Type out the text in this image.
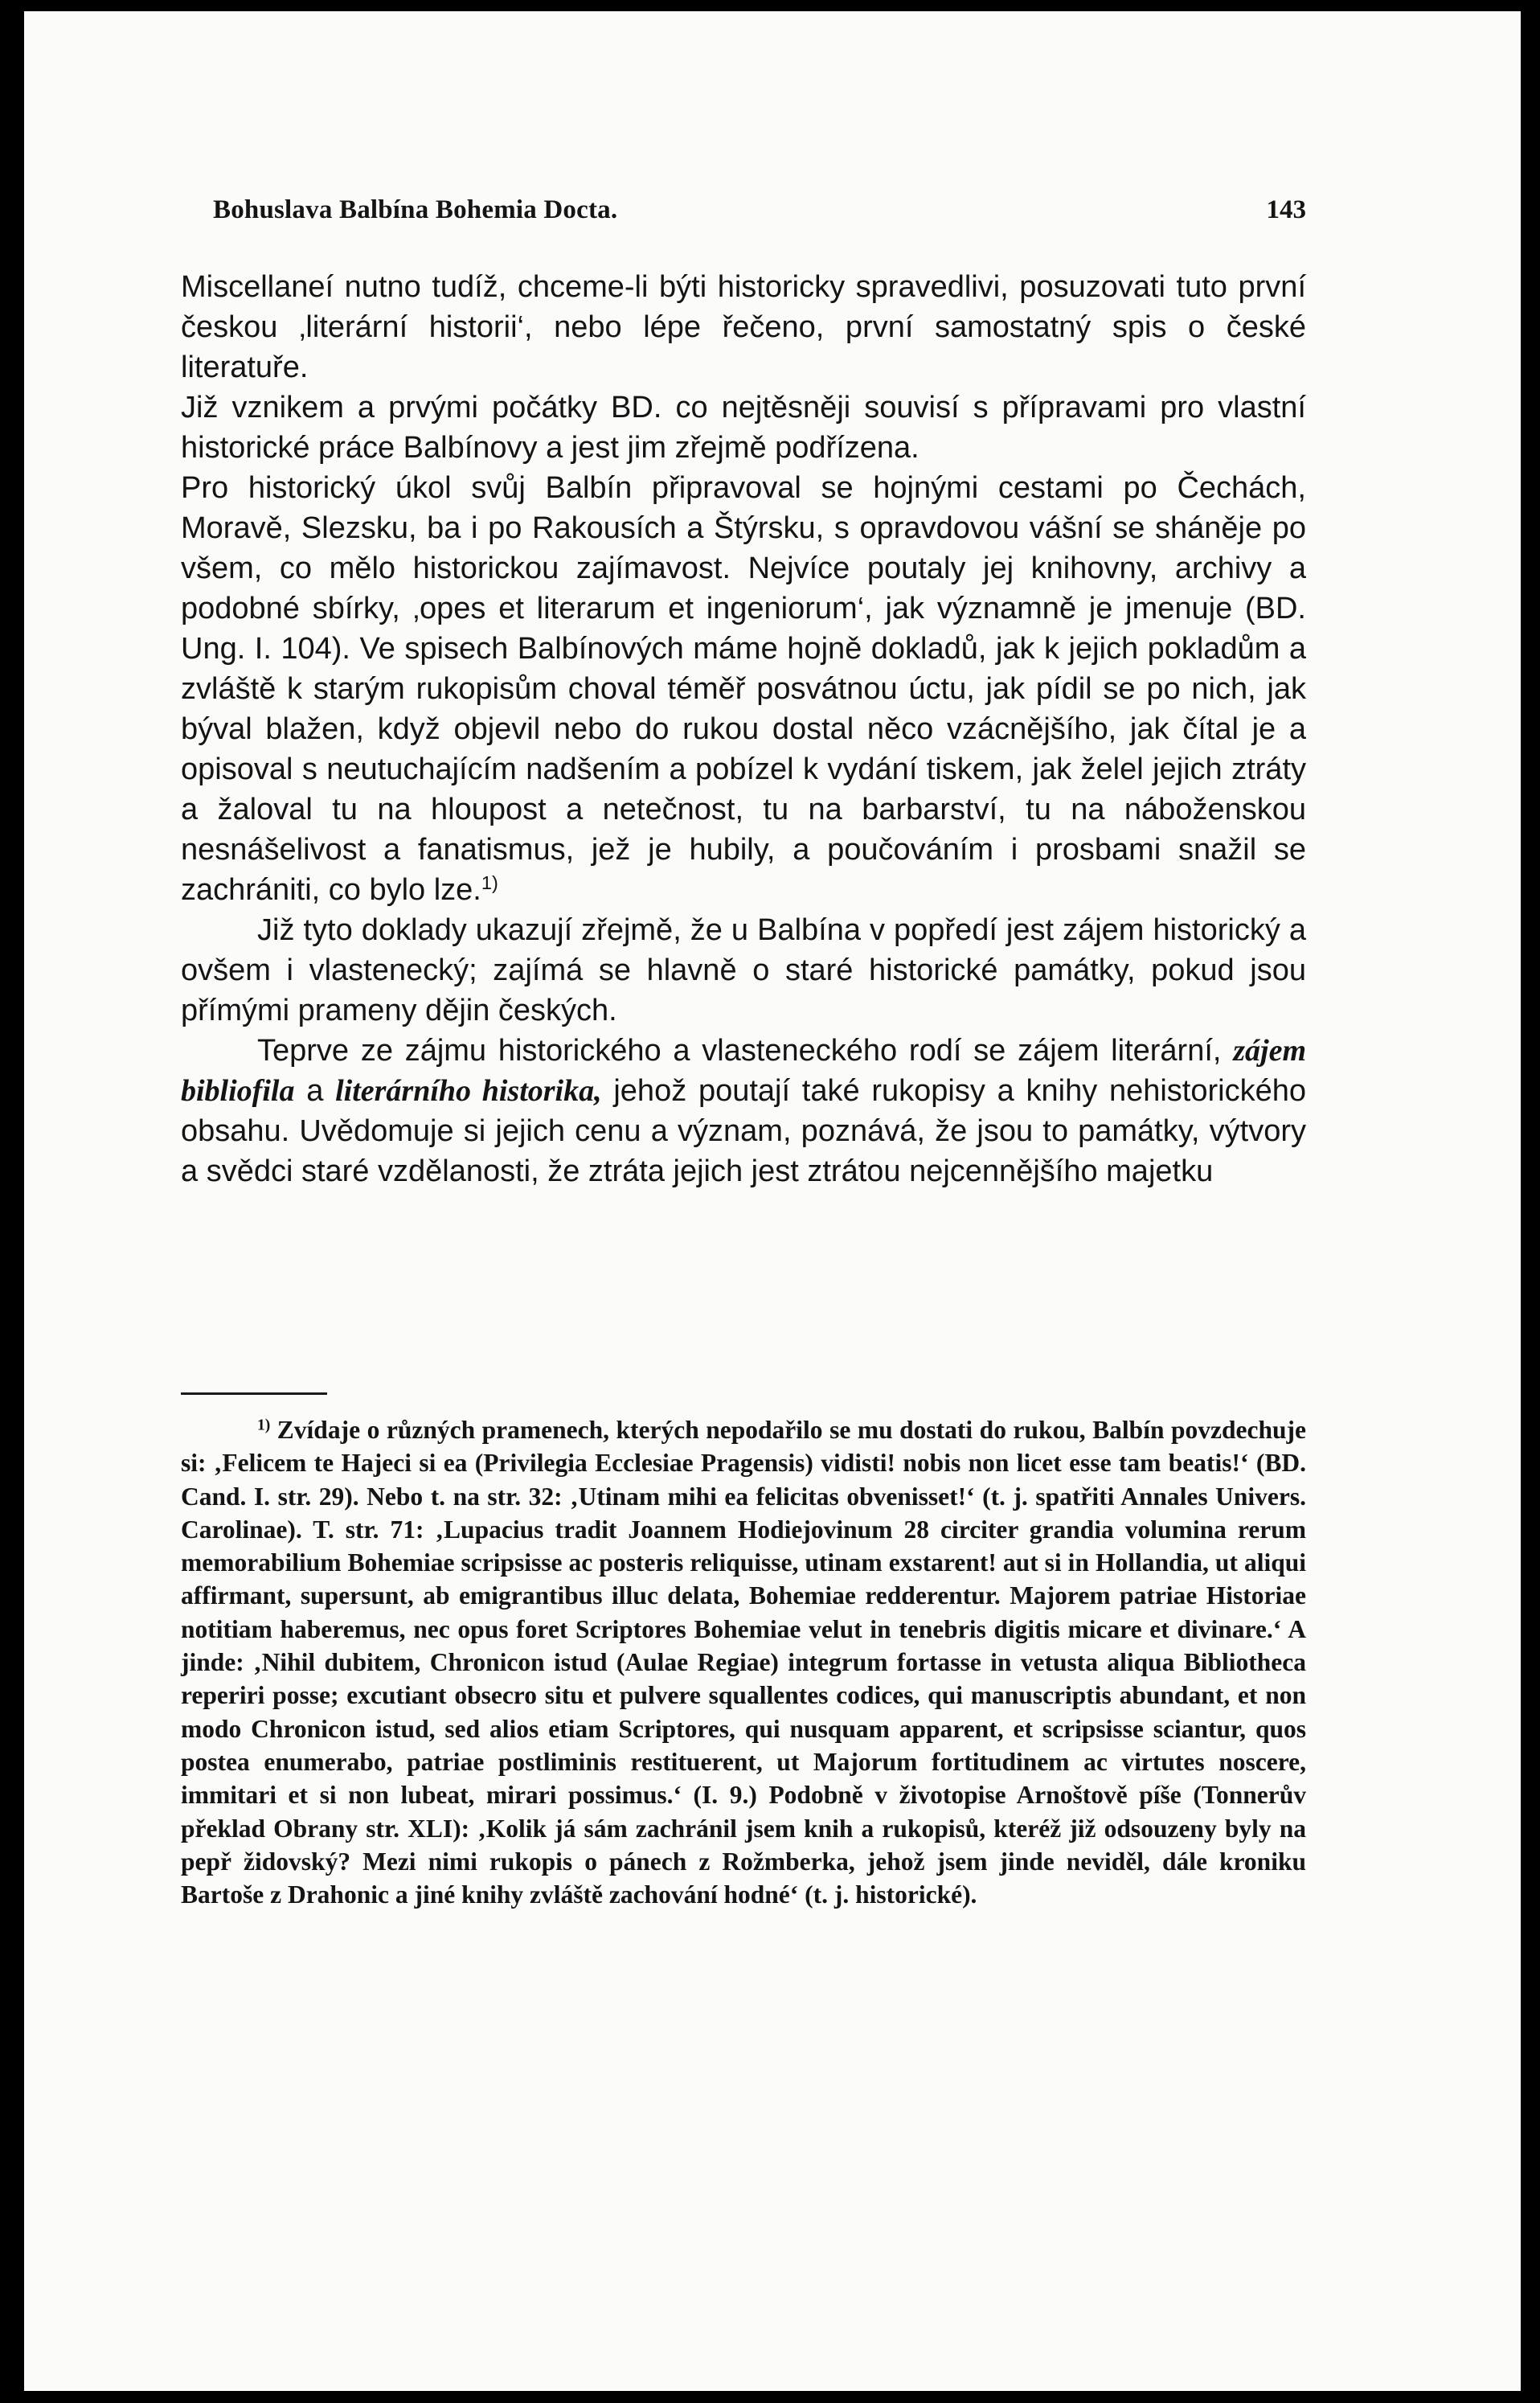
Bohuslava Balbína Bohemia Docta.	143

Miscellaneí nutno tudíž, chceme-li býti historicky spravedlivi, posuzovati tuto první českou ‚literární historii‘, nebo lépe řečeno, první samostatný spis o české literatuře.

Již vznikem a prvými počátky BD. co nejtěsněji souvisí s přípravami pro vlastní historické práce Balbínovy a jest jim zřejmě podřízena.

Pro historický úkol svůj Balbín připravoval se hojnými cestami po Čechách, Moravě, Slezsku, ba i po Rakousích a Štýrsku, s opravdovou vášní se sháněje po všem, co mělo historickou zajímavost. Nejvíce poutaly jej knihovny, archivy a podobné sbírky, ‚opes et literarum et ingeniorum‘, jak významně je jmenuje (BD. Ung. I. 104). Ve spisech Balbínových máme hojně dokladů, jak k jejich pokladům a zvláště k starým rukopisům choval téměř posvátnou úctu, jak pídil se po nich, jak býval blažen, když objevil nebo do rukou dostal něco vzácnějšího, jak čítal je a opisoval s neutuchajícím nadšením a pobízel k vydání tiskem, jak želel jejich ztráty a žaloval tu na hloupost a netečnost, tu na barbarství, tu na náboženskou nesnášelivost a fanatismus, jež je hubily, a poučováním i prosbami snažil se zachrániti, co bylo lze.$^{1)}$

Již tyto doklady ukazují zřejmě, že u Balbína v popředí jest zájem historický a ovšem i vlastenecký; zajímá se hlavně o staré historické památky, pokud jsou přímými prameny dějin českých.

Teprve ze zájmu historického a vlasteneckého rodí se zájem literární, zájem bibliofila a literárního historika, jehož poutají také rukopisy a knihy nehistorického obsahu. Uvědomuje si jejich cenu a význam, poznává, že jsou to památky, výtvory a svědci staré vzdělanosti, že ztráta jejich jest ztrátou nejcennějšího majetku

$^{1)}$ Zvídaje o různých pramenech, kterých nepodařilo se mu dostati do rukou, Balbín povzdechuje si: ‚Felicem te Hajeci si ea (Privilegia Ecclesiae Pragensis) vidisti! nobis non licet esse tam beatis!‘ (BD. Cand. I. str. 29). Nebo t. na str. 32: ‚Utinam mihi ea felicitas obvenisset!‘ (t. j. spatřiti Annales Univers. Carolinae). T. str. 71: ‚Lupacius tradit Joannem Hodiejovinum 28 circiter grandia volumina rerum memorabilium Bohemiae scripsisse ac posteris reliquisse, utinam exstarent! aut si in Hollandia, ut aliqui affirmant, supersunt, ab emigrantibus illuc delata, Bohemiae redderentur. Majorem patriae Historiae notitiam haberemus, nec opus foret Scriptores Bohemiae velut in tenebris digitis micare et divinare.‘ A jinde: ‚Nihil dubitem, Chronicon istud (Aulae Regiae) integrum fortasse in vetusta aliqua Bibliotheca reperiri posse; excutiant obsecro situ et pulvere squallentes codices, qui manuscriptis abundant, et non modo Chronicon istud, sed alios etiam Scriptores, qui nusquam apparent, et scripsisse sciantur, quos postea enumerabo, patriae postliminis restituerent, ut Majorum fortitudinem ac virtutes noscere, immitari et si non lubeat, mirari possimus.‘ (I. 9.) Podobně v životopise Arnoštově píše (Tonnerův překlad Obrany str. XLI): ‚Kolik já sám zachránil jsem knih a rukopisů, kteréž již odsouzeny byly na pepř židovský? Mezi nimi rukopis o pánech z Rožmberka, jehož jsem jinde neviděl, dále kroniku Bartoše z Drahonic a jiné knihy zvláště zachování hodné‘ (t. j. historické).
